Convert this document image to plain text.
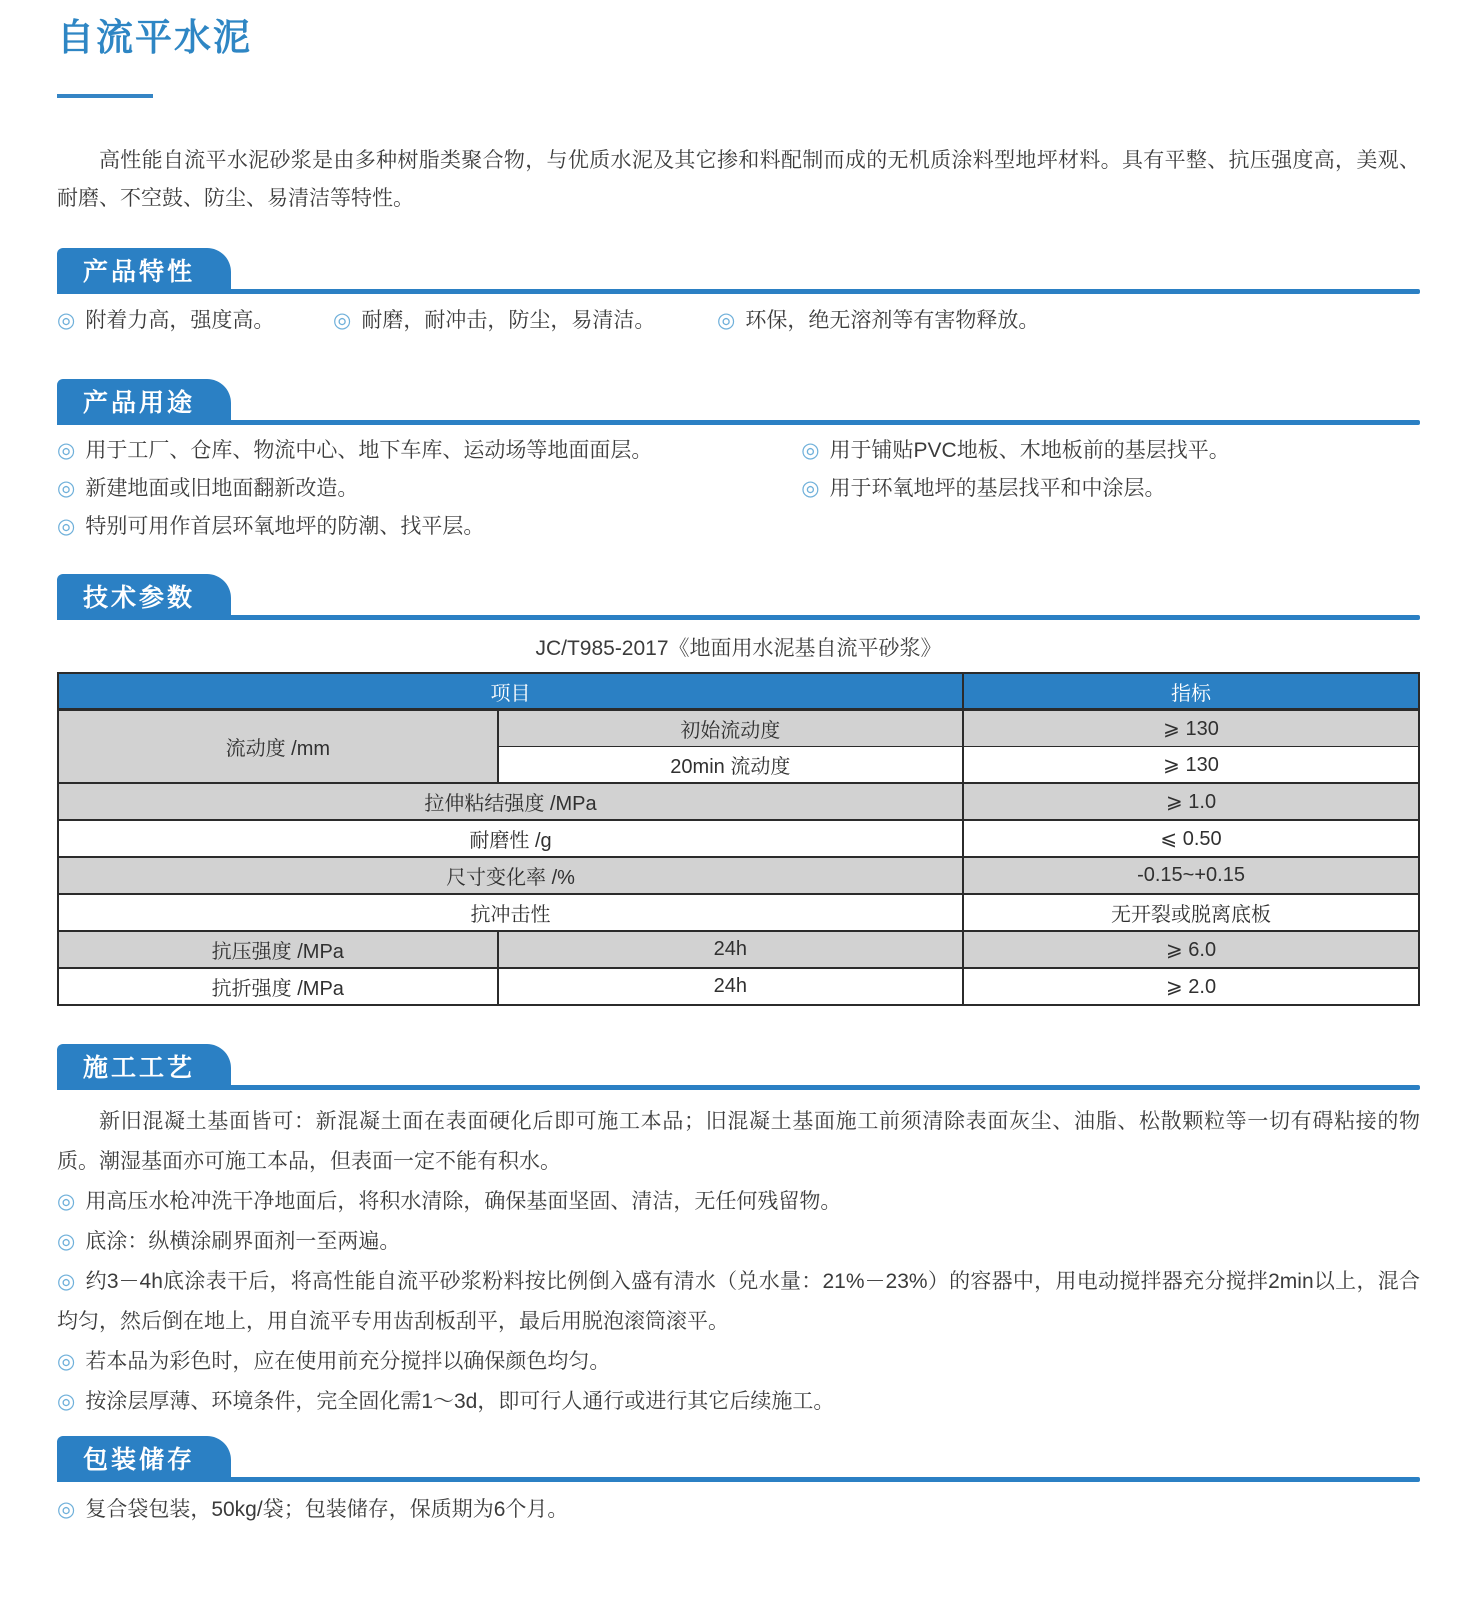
自流平水泥

高性能自流平水泥砂浆是由多种树脂类聚合物，与优质水泥及其它掺和料配制而成的无机质涂料型地坪材料。具有平整、抗压强度高，美观、耐磨、不空鼓、防尘、易清洁等特性。

产品特性

◎ 附着力高，强度高。	◎ 耐磨，耐冲击，防尘，易清洁。	◎ 环保，绝无溶剂等有害物释放。

产品用途

◎ 用于工厂、仓库、物流中心、地下车库、运动场等地面面层。

◎ 新建地面或旧地面翻新改造。

◎ 特别可用作首层环氧地坪的防潮、找平层。

◎ 用于铺贴PVC地板、木地板前的基层找平。

◎ 用于环氧地坪的基层找平和中涂层。

技术参数

JC/T985-2017《地面用水泥基自流平砂浆》

项目		指标
流动度 /mm	初始流动度	⩾ 130
	20min 流动度	⩾ 130
拉伸粘结强度 /MPa		⩾ 1.0
耐磨性 /g		⩽ 0.50
尺寸变化率 /%		-0.15~+0.15
抗冲击性		无开裂或脱离底板
抗压强度 /MPa	24h	⩾ 6.0
抗折强度 /MPa	24h	⩾ 2.0
施工工艺

新旧混凝土基面皆可：新混凝土面在表面硬化后即可施工本品；旧混凝土基面施工前须清除表面灰尘、油脂、松散颗粒等一切有碍粘接的物质。潮湿基面亦可施工本品，但表面一定不能有积水。

◎ 用高压水枪冲洗干净地面后，将积水清除，确保基面坚固、清洁，无任何残留物。

◎ 底涂：纵横涂刷界面剂一至两遍。

◎ 约3－4h底涂表干后，将高性能自流平砂浆粉料按比例倒入盛有清水（兑水量：21%－23%）的容器中，用电动搅拌器充分搅拌2min以上，混合均匀，然后倒在地上，用自流平专用齿刮板刮平，最后用脱泡滚筒滚平。

◎ 若本品为彩色时，应在使用前充分搅拌以确保颜色均匀。

◎ 按涂层厚薄、环境条件，完全固化需1～3d，即可行人通行或进行其它后续施工。

包装储存

◎ 复合袋包装，50kg/袋；包装储存，保质期为6个月。
